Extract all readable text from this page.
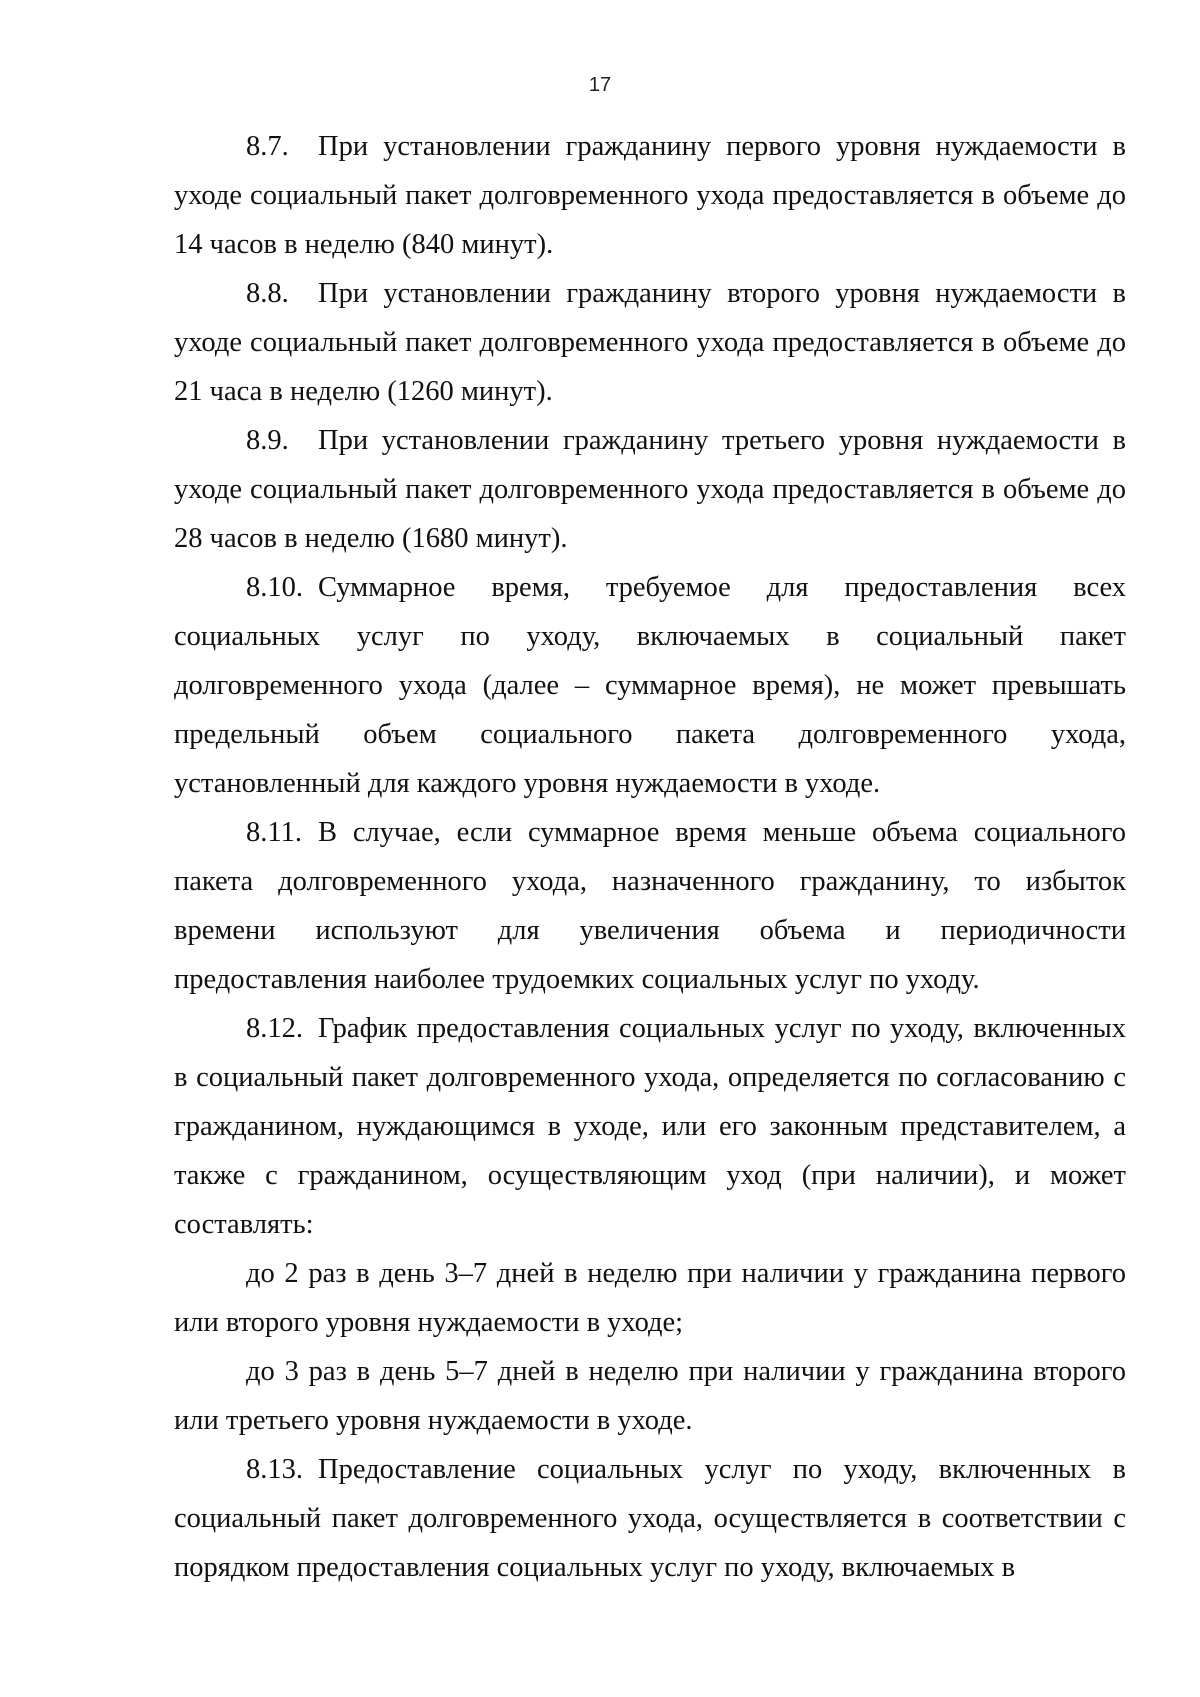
17

8.7. При установлении гражданину первого уровня нуждаемости в уходе социальный пакет долговременного ухода предоставляется в объеме до 14 часов в неделю (840 минут).

8.8. При установлении гражданину второго уровня нуждаемости в уходе социальный пакет долговременного ухода предоставляется в объеме до 21 часа в неделю (1260 минут).

8.9. При установлении гражданину третьего уровня нуждаемости в уходе социальный пакет долговременного ухода предоставляется в объеме до 28 часов в неделю (1680 минут).

8.10. Суммарное время, требуемое для предоставления всех социальных услуг по уходу, включаемых в социальный пакет долговременного ухода (далее – суммарное время), не может превышать предельный объем социального пакета долговременного ухода, установленный для каждого уровня нуждаемости в уходе.

8.11. В случае, если суммарное время меньше объема социального пакета долговременного ухода, назначенного гражданину, то избыток времени используют для увеличения объема и периодичности предоставления наиболее трудоемких социальных услуг по уходу.

8.12. График предоставления социальных услуг по уходу, включенных в социальный пакет долговременного ухода, определяется по согласованию с гражданином, нуждающимся в уходе, или его законным представителем, а также с гражданином, осуществляющим уход (при наличии), и может составлять:

до 2 раз в день 3–7 дней в неделю при наличии у гражданина первого или второго уровня нуждаемости в уходе;

до 3 раз в день 5–7 дней в неделю при наличии у гражданина второго или третьего уровня нуждаемости в уходе.

8.13. Предоставление социальных услуг по уходу, включенных в социальный пакет долговременного ухода, осуществляется в соответствии с порядком предоставления социальных услуг по уходу, включаемых в
